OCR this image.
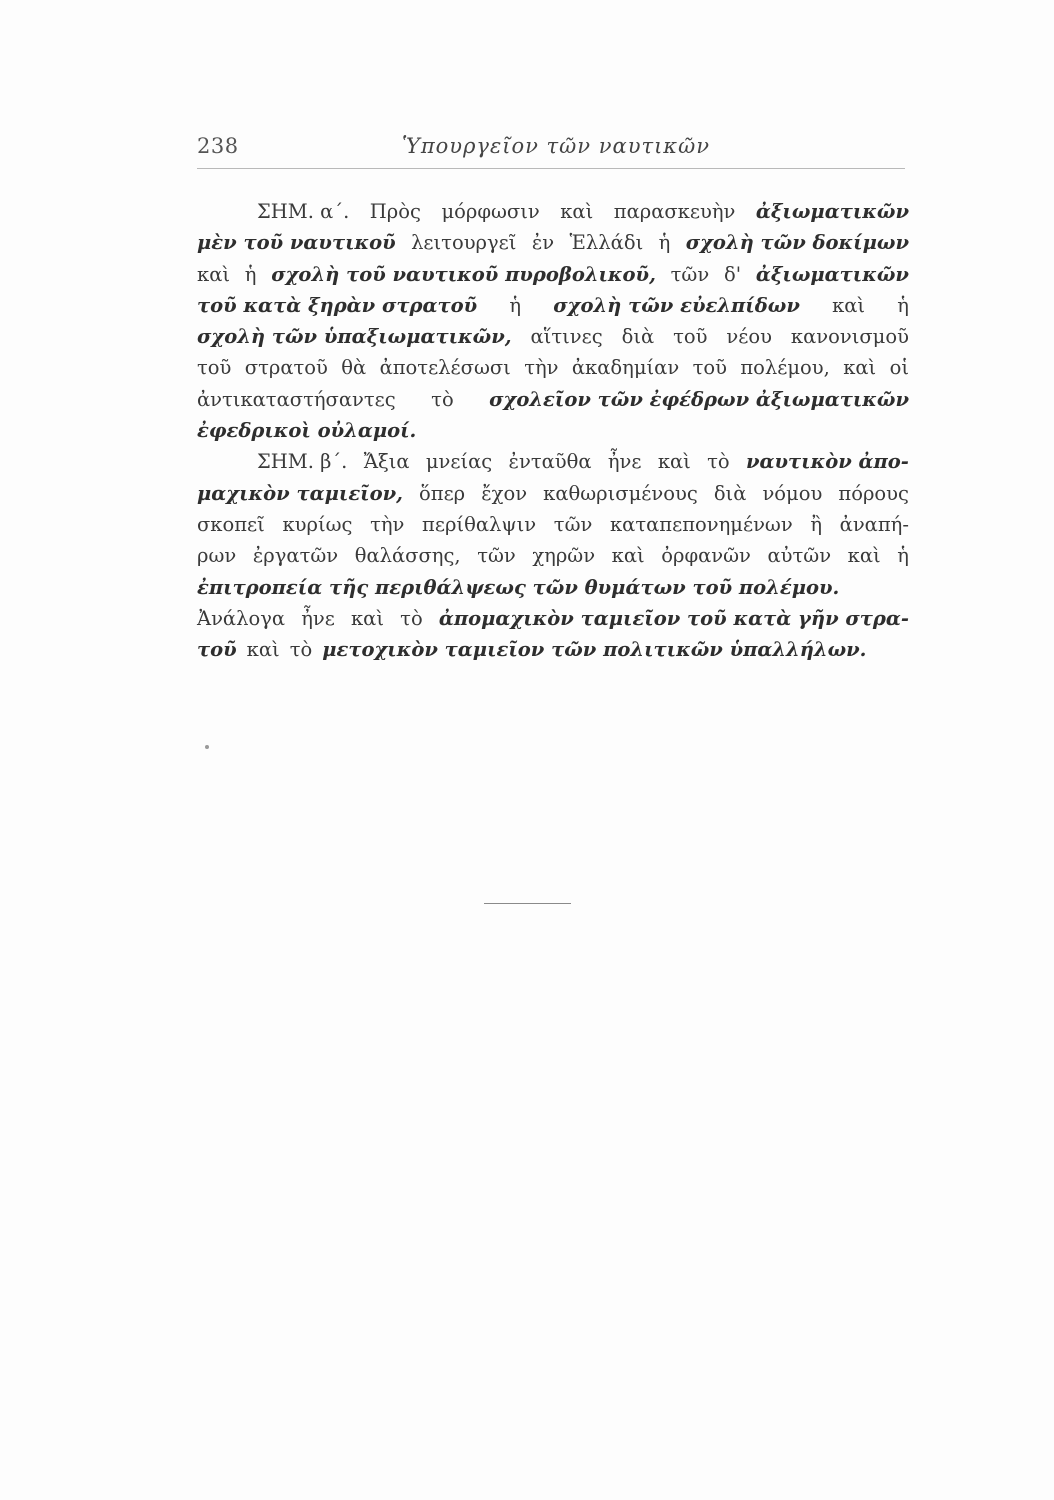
238	Ὑπουργεῖον τῶν ναυτικῶν
ΣΗΜ. α΄. Πρὸς μόρφωσιν καὶ παρασκευὴν ἀξιωματικῶν
μὲν τοῦ ναυτικοῦ λειτουργεῖ ἐν Ἑλλάδι ἡ σχολὴ τῶν δοκίμων
καὶ ἡ σχολὴ τοῦ ναυτικοῦ πυροβολικοῦ, τῶν δ' ἀξιωματικῶν
τοῦ κατὰ ξηρὰν στρατοῦ ἡ σχολὴ τῶν εὐελπίδων καὶ ἡ
σχολὴ τῶν ὑπαξιωματικῶν, αἵτινες διὰ τοῦ νέου κανονισμοῦ
τοῦ στρατοῦ θὰ ἀποτελέσωσι τὴν ἀκαδημίαν τοῦ πολέμου, καὶ οἱ
ἀντικαταστήσαντες τὸ σχολεῖον τῶν ἐφέδρων ἀξιωματικῶν
ἐφεδρικοὶ οὐλαμοί.
ΣΗΜ. β΄. Ἄξια μνείας ἐνταῦθα ἦνε καὶ τὸ ναυτικὸν ἀπο-
μαχικὸν ταμιεῖον, ὅπερ ἔχον καθωρισμένους διὰ νόμου πόρους
σκοπεῖ κυρίως τὴν περίθαλψιν τῶν καταπεπονημένων ἢ ἀναπή-
ρων ἐργατῶν θαλάσσης, τῶν χηρῶν καὶ ὀρφανῶν αὐτῶν καὶ ἡ
ἐπιτροπεία τῆς περιθάλψεως τῶν θυμάτων τοῦ πολέμου.
Ἀνάλογα ἦνε καὶ τὸ ἀπομαχικὸν ταμιεῖον τοῦ κατὰ γῆν στρα-
τοῦ καὶ τὸ μετοχικὸν ταμιεῖον τῶν πολιτικῶν ὑπαλλήλων.
